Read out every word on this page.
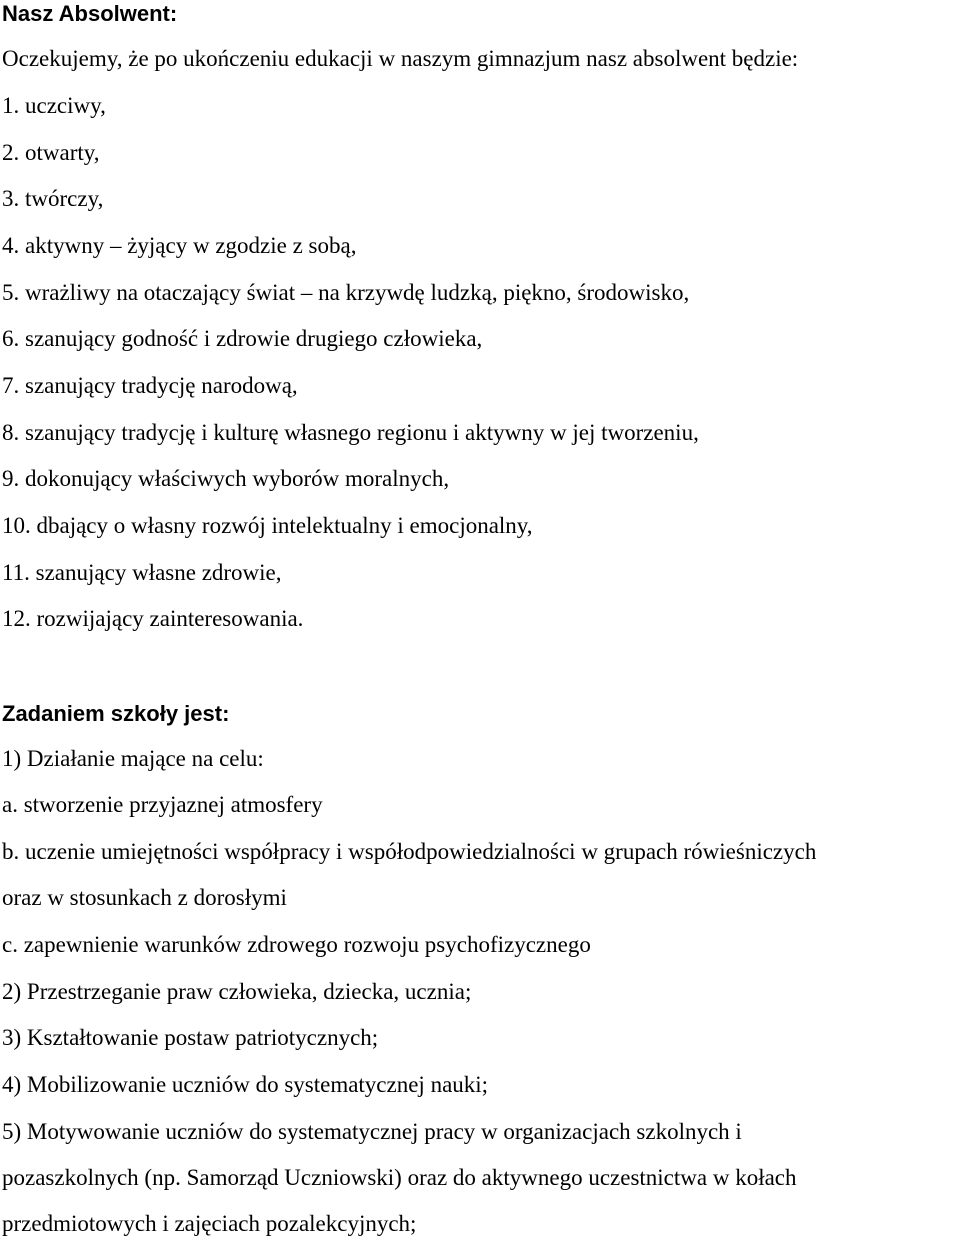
Nasz Absolwent:
Oczekujemy, że po ukończeniu edukacji w naszym gimnazjum nasz absolwent będzie:
1. uczciwy,
2. otwarty,
3. twórczy,
4. aktywny – żyjący w zgodzie z sobą,
5. wrażliwy na otaczający świat – na krzywdę ludzką, piękno, środowisko,
6. szanujący godność i zdrowie drugiego człowieka,
7. szanujący tradycję narodową,
8. szanujący tradycję i kulturę własnego regionu i aktywny w jej tworzeniu,
9. dokonujący właściwych wyborów moralnych,
10. dbający o własny rozwój intelektualny i emocjonalny,
11. szanujący własne zdrowie,
12. rozwijający zainteresowania.
Zadaniem szkoły jest:
1) Działanie mające na celu:
a. stworzenie przyjaznej atmosfery
b. uczenie umiejętności współpracy i współodpowiedzialności w grupach rówieśniczych
oraz w stosunkach z dorosłymi
c. zapewnienie warunków zdrowego rozwoju psychofizycznego
2) Przestrzeganie praw człowieka, dziecka, ucznia;
3) Kształtowanie postaw patriotycznych;
4) Mobilizowanie uczniów do systematycznej nauki;
5) Motywowanie uczniów do systematycznej pracy w organizacjach szkolnych i
pozaszkolnych (np. Samorząd Uczniowski) oraz do aktywnego uczestnictwa w kołach
przedmiotowych i zajęciach pozalekcyjnych;
